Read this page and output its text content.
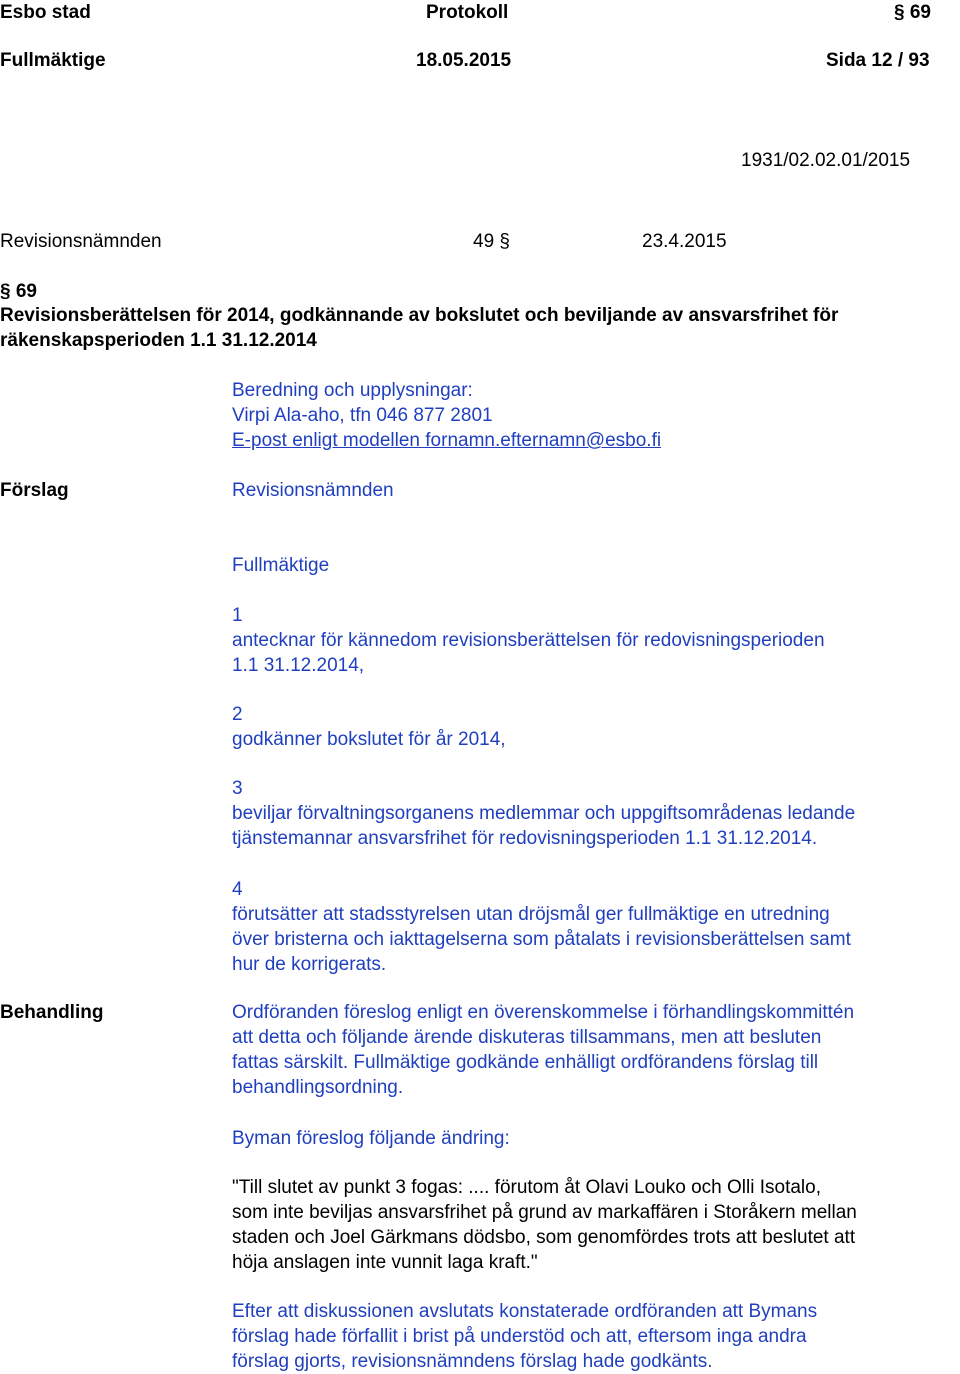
Esbo stad	Protokoll	§ 69
Fullmäktige	18.05.2015	Sida 12 / 93
1931/02.02.01/2015
Revisionsnämnden	49 §	23.4.2015
§ 69
Revisionsberättelsen för 2014, godkännande av bokslutet och beviljande av ansvarsfrihet för
räkenskapsperioden 1.1 31.12.2014
Beredning och upplysningar:
Virpi Ala-aho, tfn 046 877 2801
E-post enligt modellen fornamn.efternamn@esbo.fi
Förslag	Revisionsnämnden
Fullmäktige
1
antecknar för kännedom revisionsberättelsen för redovisningsperioden
1.1 31.12.2014,
2
godkänner bokslutet för år 2014,
3
beviljar förvaltningsorganens medlemmar och uppgiftsområdenas ledande
tjänstemannar ansvarsfrihet för redovisningsperioden 1.1 31.12.2014.
4
förutsätter att stadsstyrelsen utan dröjsmål ger fullmäktige en utredning
över bristerna och iakttagelserna som påtalats i revisionsberättelsen samt
hur de korrigerats.
Behandling	Ordföranden föreslog enligt en överenskommelse i förhandlingskommittén

att detta och följande ärende diskuteras tillsammans, men att besluten

fattas särskilt. Fullmäktige godkände enhälligt ordförandens förslag till

behandlingsordning.

Byman föreslog följande ändring:

"Till slutet av punkt 3 fogas: .... förutom åt Olavi Louko och Olli Isotalo,

som inte beviljas ansvarsfrihet på grund av markaffären i Storåkern mellan

staden och Joel Gärkmans dödsbo, som genomfördes trots att beslutet att

höja anslagen inte vunnit laga kraft."

Efter att diskussionen avslutats konstaterade ordföranden att Bymans

förslag hade förfallit i brist på understöd och att, eftersom inga andra

förslag gjorts, revisionsnämndens förslag hade godkänts.
